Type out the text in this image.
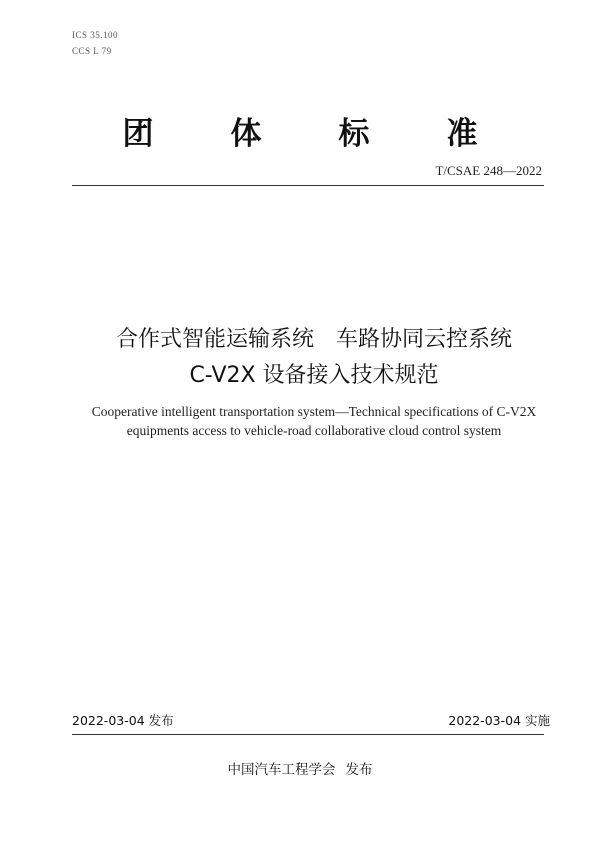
ICS 35.100
CCS L 79
团 体 标 准
T/CSAE 248—2022
合作式智能运输系统　车路协同云控系统
C-V2X 设备接入技术规范
Cooperative intelligent transportation system—Technical specifications of C-V2X
equipments access to vehicle-road collaborative cloud control system
2022-03-04 发布	2022-03-04 实施
中国汽车工程学会 发布
